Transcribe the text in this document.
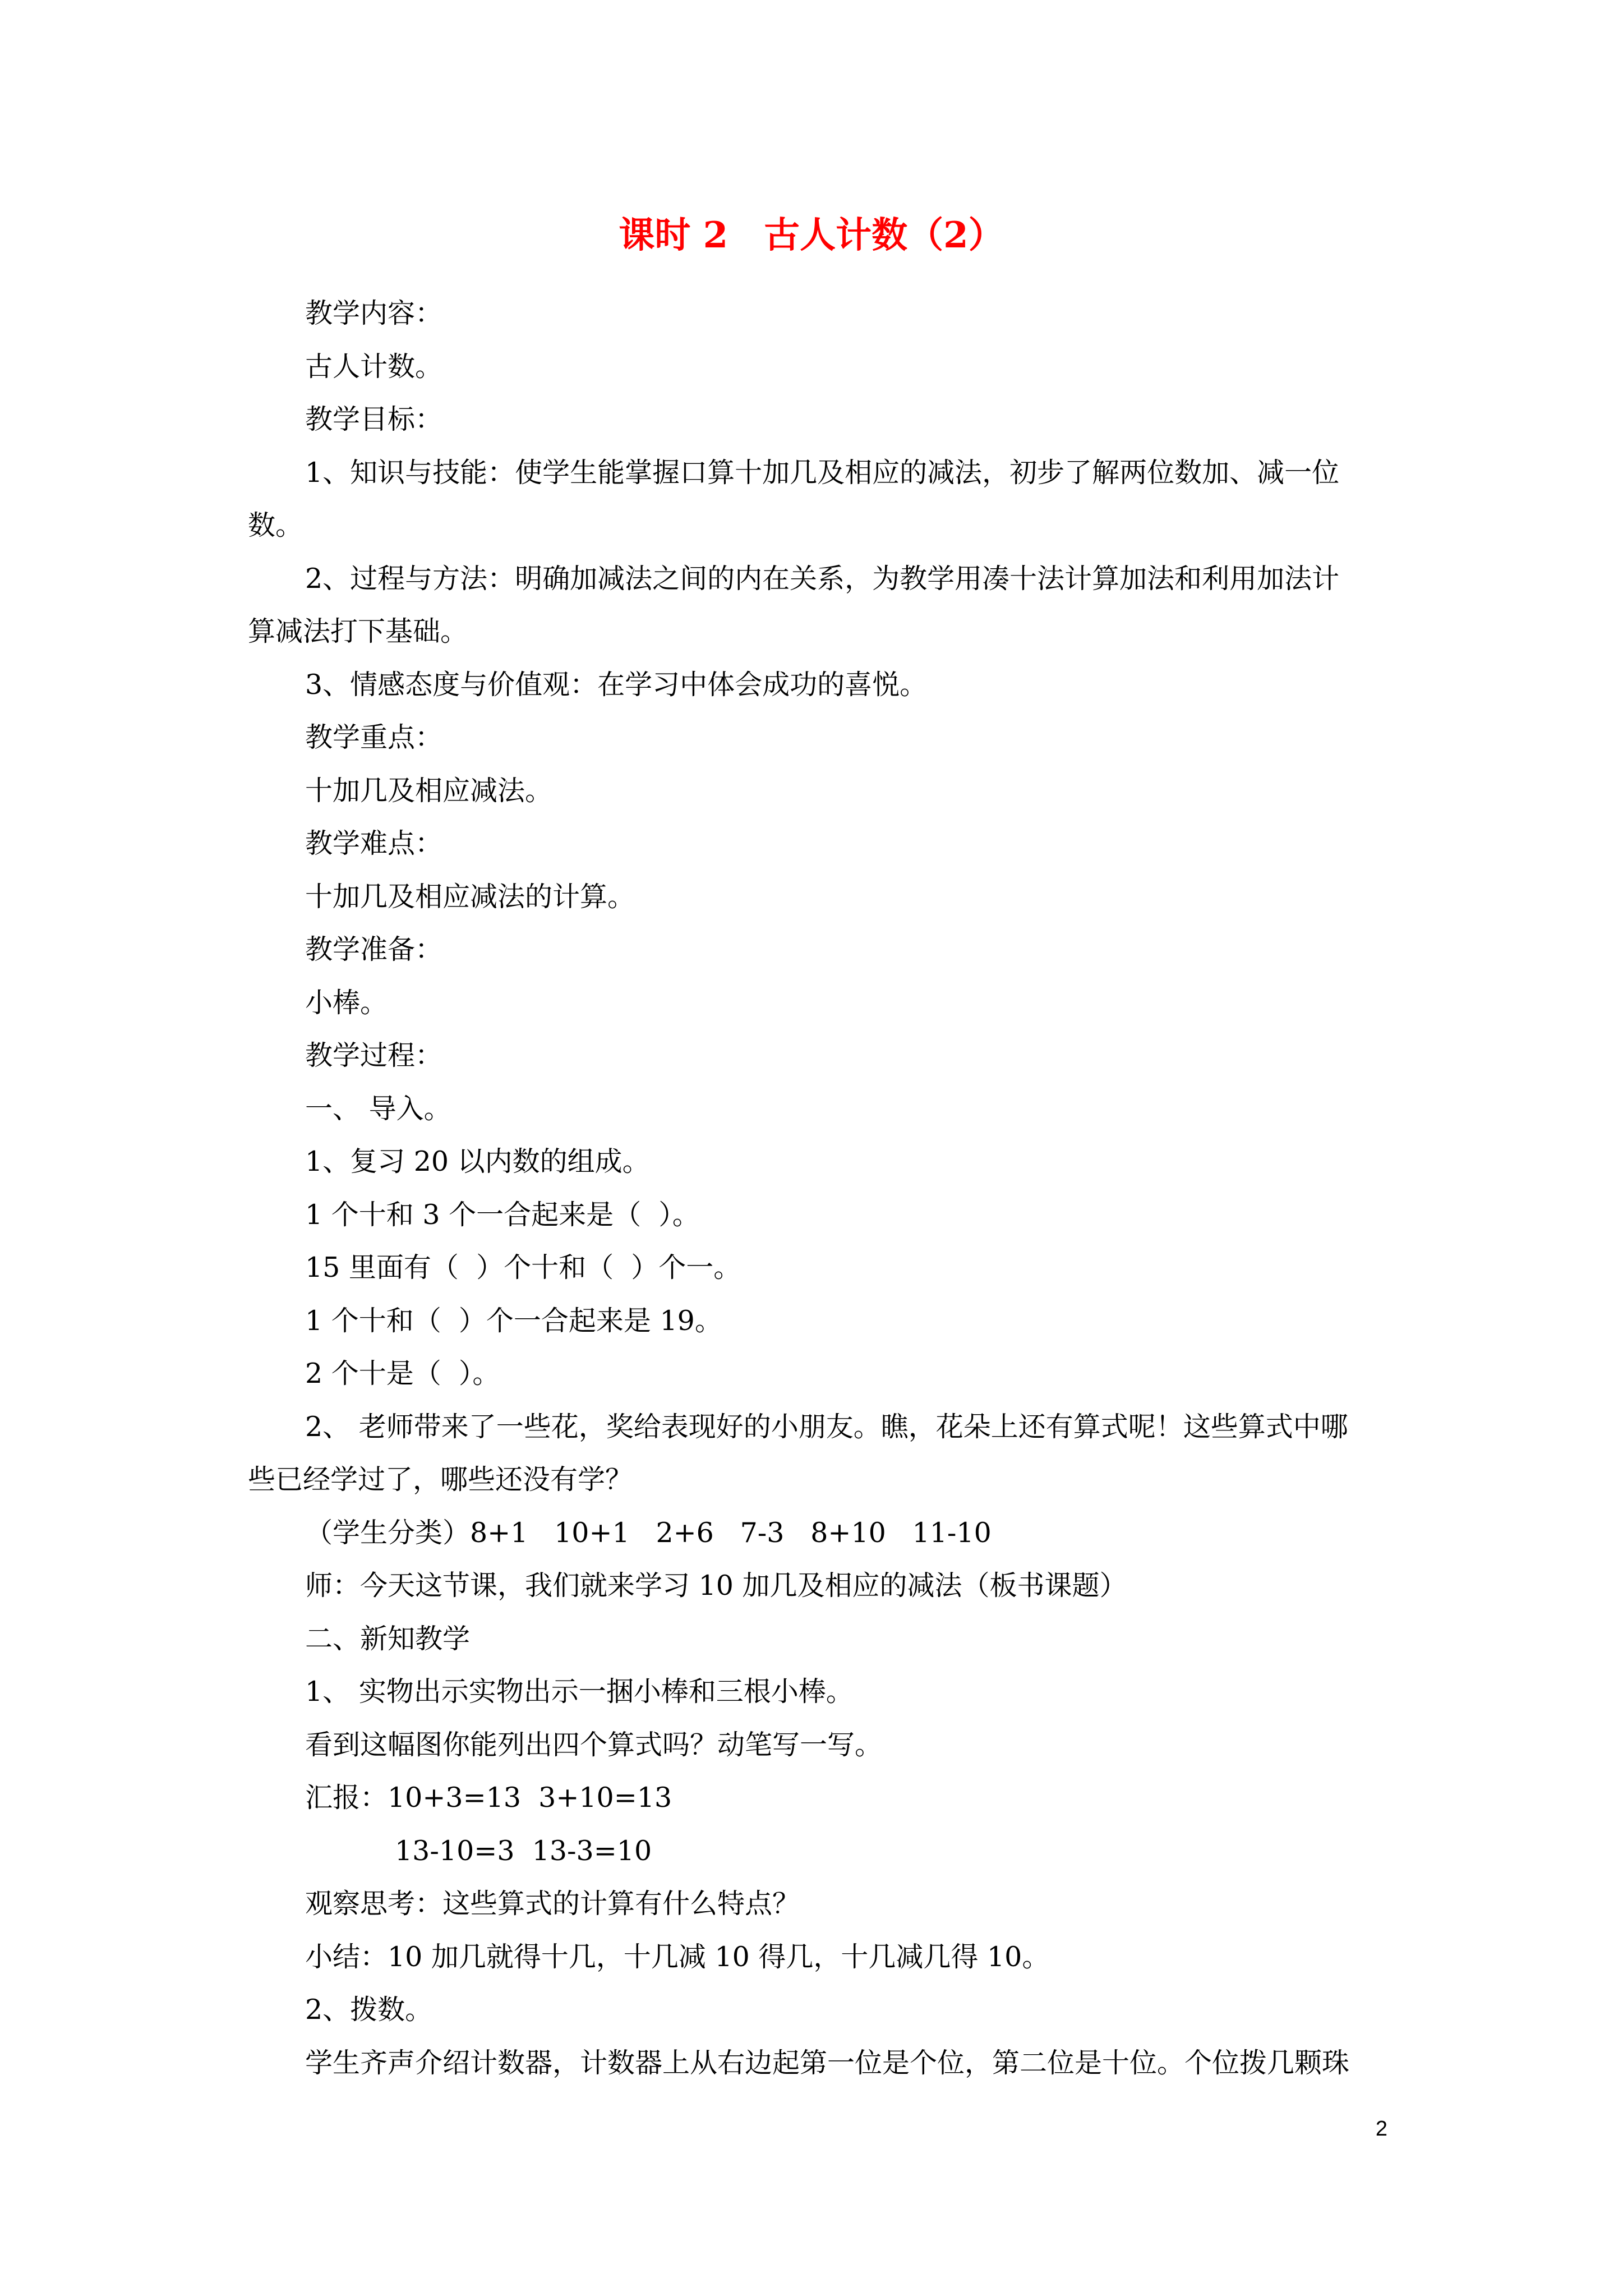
课时 2　古人计数（2）

教学内容：

古人计数。

教学目标：

1、知识与技能：使学生能掌握口算十加几及相应的减法，初步了解两位数加、减一位

数。

2、过程与方法：明确加减法之间的内在关系，为教学用凑十法计算加法和利用加法计

算减法打下基础。

3、情感态度与价值观：在学习中体会成功的喜悦。

教学重点：

十加几及相应减法。

教学难点：

十加几及相应减法的计算。

教学准备：

小棒。

教学过程：

一、 导入。

1、复习 20 以内数的组成。

1 个十和 3 个一合起来是（  ）。

15 里面有（  ）个十和（  ）个一。

1 个十和（  ）个一合起来是 19。

2 个十是（  ）。

2、 老师带来了一些花，奖给表现好的小朋友。瞧，花朵上还有算式呢！这些算式中哪

些已经学过了，哪些还没有学？

（学生分类）8+1   10+1   2+6   7-3   8+10   11-10

师：今天这节课，我们就来学习 10 加几及相应的减法（板书课题）

二、新知教学

1、 实物出示实物出示一捆小棒和三根小棒。

看到这幅图你能列出四个算式吗？动笔写一写。

汇报：10+3=13  3+10=13

13-10=3  13-3=10

观察思考：这些算式的计算有什么特点？

小结：10 加几就得十几，十几减 10 得几，十几减几得 10。

2、拨数。

学生齐声介绍计数器，计数器上从右边起第一位是个位，第二位是十位。个位拨几颗珠

2
